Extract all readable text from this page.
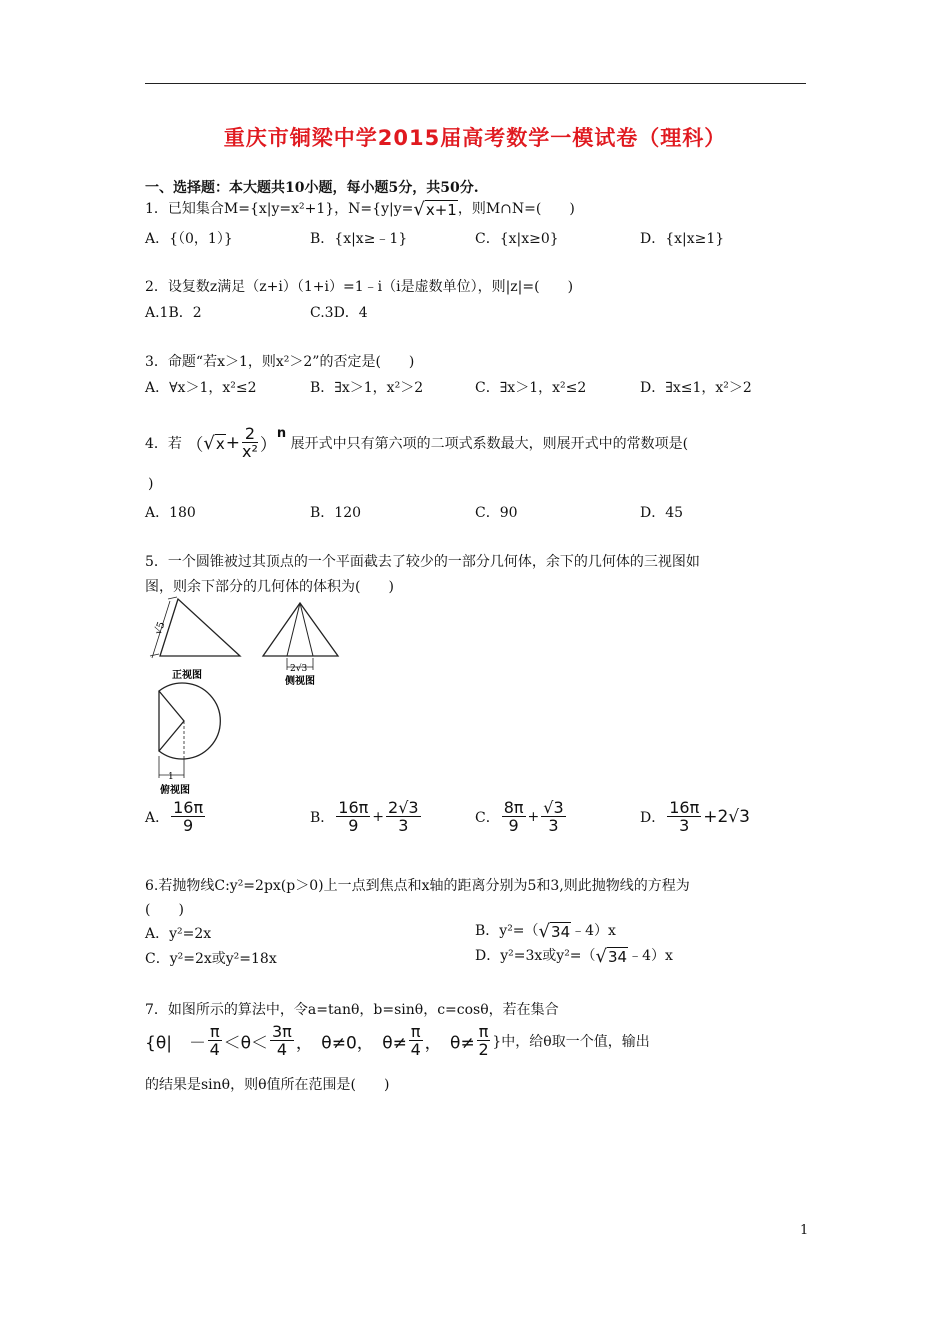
重庆市铜梁中学2015届高考数学一模试卷（理科）
一、选择题：本大题共10小题，每小题5分，共50分.
1．已知集合M={x|y=x²+1}，N={y|y=√x+1，则M∩N=(　　)
A．{（0，1）}	B．{x|x≥﹣1}	C．{x|x≥0}	D．{x|x≥1}
2．设复数z满足（z+i）（1+i）=1﹣i（i是虚数单位），则|z|=(　　)
A.1B．2	C.3D．4
3．命题“若x＞1，则x²＞2”的否定是(　　)
A．∀x＞1，x²≤2	B．∃x＞1，x²＞2	C．∃x＞1，x²≤2	D．∃x≤1，x²＞2
4．若 $(√x+ \frac{2}{\text{x²}} )n$ 展开式中只有第六项的二项式系数最大，则展开式中的常数项是(
)
A．180	B．120	C．90	D．45
5．一个圆锥被过其顶点的一个平面截去了较少的一部分几何体，余下的几何体的三视图如
图，则余下部分的几何体的体积为(　　)
√5
正视图
2√3
侧视图
1
俯视图
A． $\frac{16\pi}{9}$	B． $\frac{16\pi}{9} + \frac{2√3}{3}$	C． $\frac{8\pi}{9} + \frac{√3}{3}$	D． $\frac{16\pi}{3} +2√3$
6.若抛物线C:y²=2px(p＞0)上一点到焦点和x轴的距离分别为5和3,则此抛物线的方程为
(　　)
A．y²=2x	B．y²=（√34﹣4）x
C．y²=2x或y²=18x	D．y²=3x或y²=（√34﹣4）x
7．如图所示的算法中，令a=tanθ，b=sinθ，c=cosθ，若在集合
{θ|　－ $\frac{\pi}{4} <\theta< \frac{3\pi}{4}$ ，　θ≠0，　$\theta\ne \frac{\pi}{4}$ ，　$\theta\ne \frac{\pi}{2}$ }中，给θ取一个值，输出
的结果是sinθ，则θ值所在范围是(　　)
1
